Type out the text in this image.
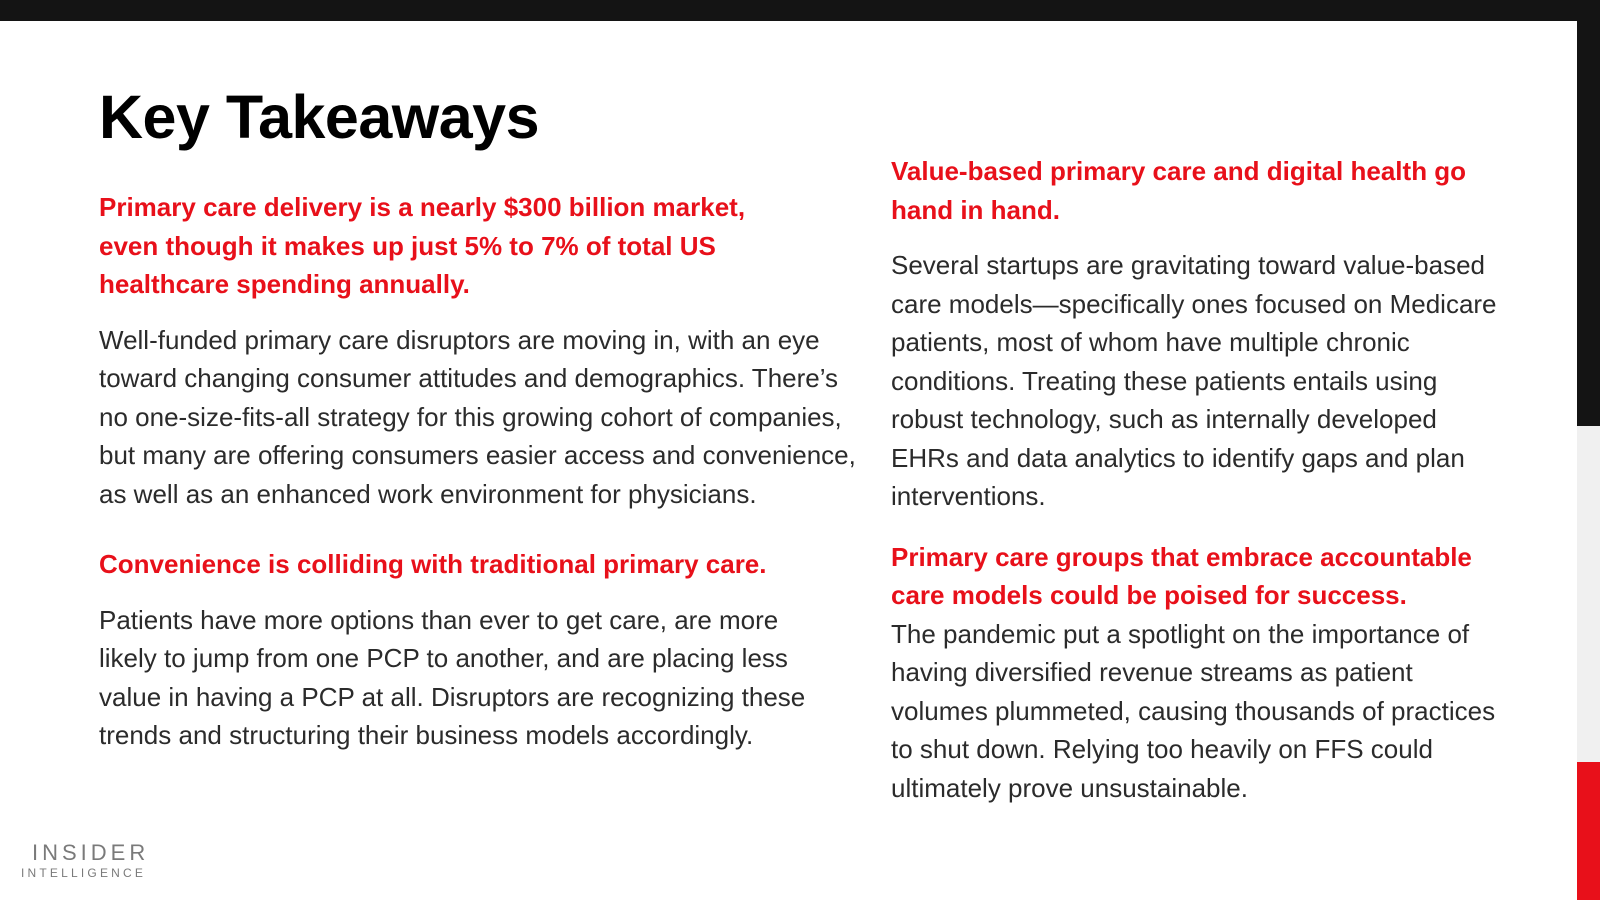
Key Takeaways

Primary care delivery is a nearly $300 billion market, even though it makes up just 5% to 7% of total US healthcare spending annually.

Well-funded primary care disruptors are moving in, with an eye toward changing consumer attitudes and demographics. There’s no one-size-fits-all strategy for this growing cohort of companies, but many are offering consumers easier access and convenience, as well as an enhanced work environment for physicians.

Convenience is colliding with traditional primary care.

Patients have more options than ever to get care, are more likely to jump from one PCP to another, and are placing less value in having a PCP at all. Disruptors are recognizing these trends and structuring their business models accordingly.

Value-based primary care and digital health go hand in hand.

Several startups are gravitating toward value-based care models—specifically ones focused on Medicare patients, most of whom have multiple chronic conditions. Treating these patients entails using robust technology, such as internally developed EHRs and data analytics to identify gaps and plan interventions.

Primary care groups that embrace accountable care models could be poised for success.

The pandemic put a spotlight on the importance of having diversified revenue streams as patient volumes plummeted, causing thousands of practices to shut down. Relying too heavily on FFS could ultimately prove unsustainable.

INSIDER
INTELLIGENCE
